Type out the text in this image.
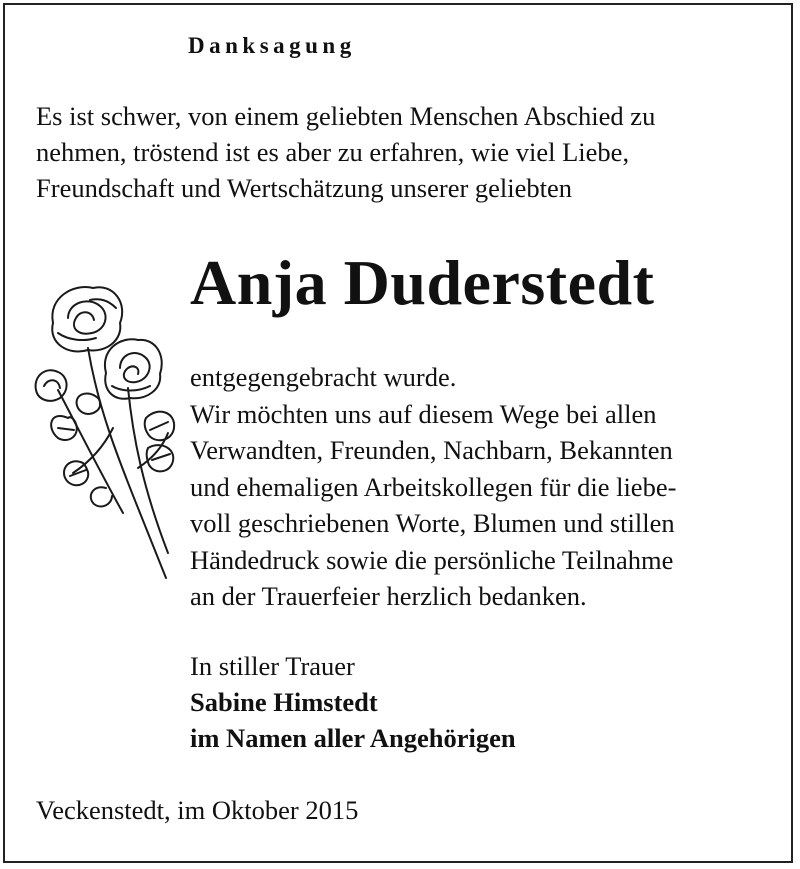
Danksagung
Es ist schwer, von einem geliebten Menschen Abschied zu
nehmen, tröstend ist es aber zu erfahren, wie viel Liebe,
Freundschaft und Wertschätzung unserer geliebten
Anja Duderstedt
entgegengebracht wurde.
Wir möchten uns auf diesem Wege bei allen
Verwandten, Freunden, Nachbarn, Bekannten
und ehemaligen Arbeitskollegen für die liebe-
voll geschriebenen Worte, Blumen und stillen
Händedruck sowie die persönliche Teilnahme
an der Trauerfeier herzlich bedanken.
In stiller Trauer
Sabine Himstedt
im Namen aller Angehörigen
Veckenstedt, im Oktober 2015
